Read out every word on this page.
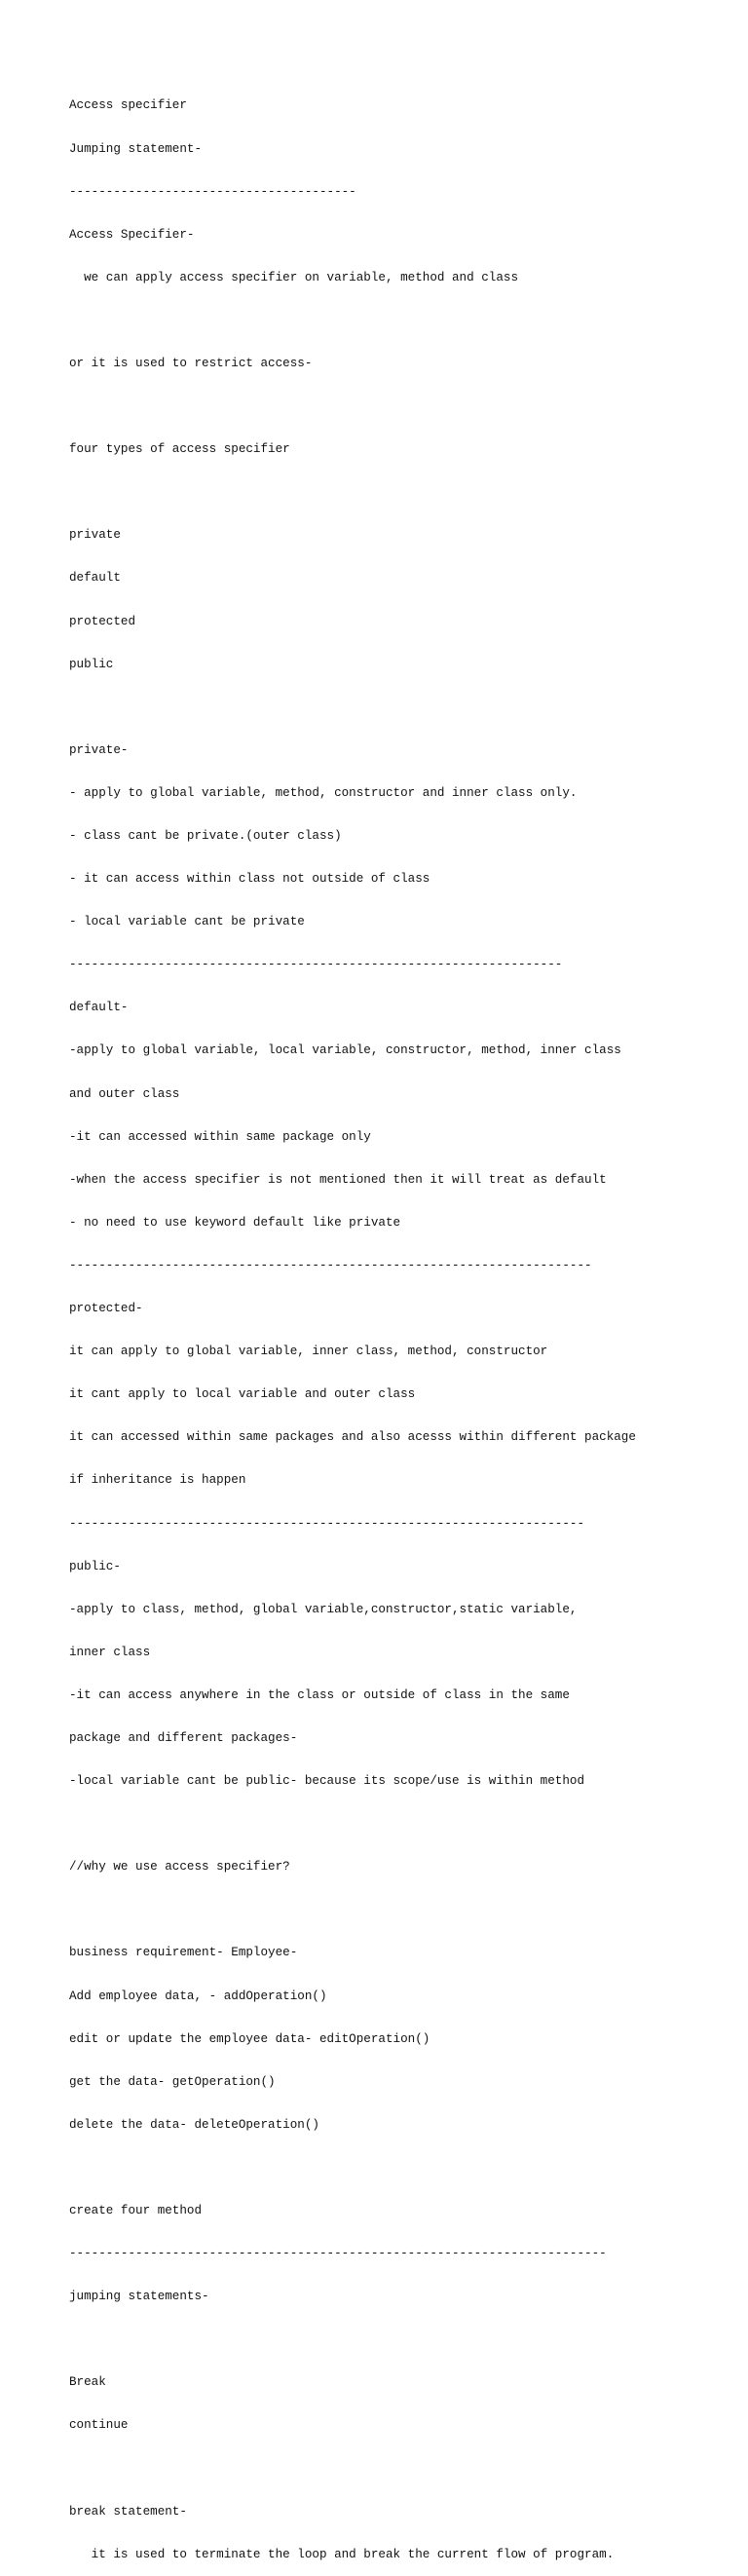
Access specifier

Jumping statement-

---------------------------------------

Access Specifier-

we can apply access specifier on variable, method and class

or it is used to restrict access-

four types of access specifier

private

default

protected

public

private-

- apply to global variable, method, constructor and inner class only.

- class cant be private.(outer class)

- it can access within class not outside of class

- local variable cant be private

-------------------------------------------------------------------

default-

-apply to global variable, local variable, constructor, method, inner class

and outer class

-it can accessed within same package only

-when the access specifier is not mentioned then it will treat as default

- no need to use keyword default like private

-----------------------------------------------------------------------

protected-

it can apply to global variable, inner class, method, constructor

it cant apply to local variable and outer class

it can accessed within same packages and also acesss within different package

if inheritance is happen

----------------------------------------------------------------------

public-

-apply to class, method, global variable,constructor,static variable,

inner class

-it can access anywhere in the class or outside of class in the same

package and different packages-

-local variable cant be public- because its scope/use is within method

//why we use access specifier?

business requirement- Employee-

Add employee data, - addOperation()

edit or update the employee data- editOperation()

get the data- getOperation()

delete the data- deleteOperation()

create four method

-------------------------------------------------------------------------

jumping statements-

Break

continue

break statement-

it is used to terminate the loop and break the current flow of program.
